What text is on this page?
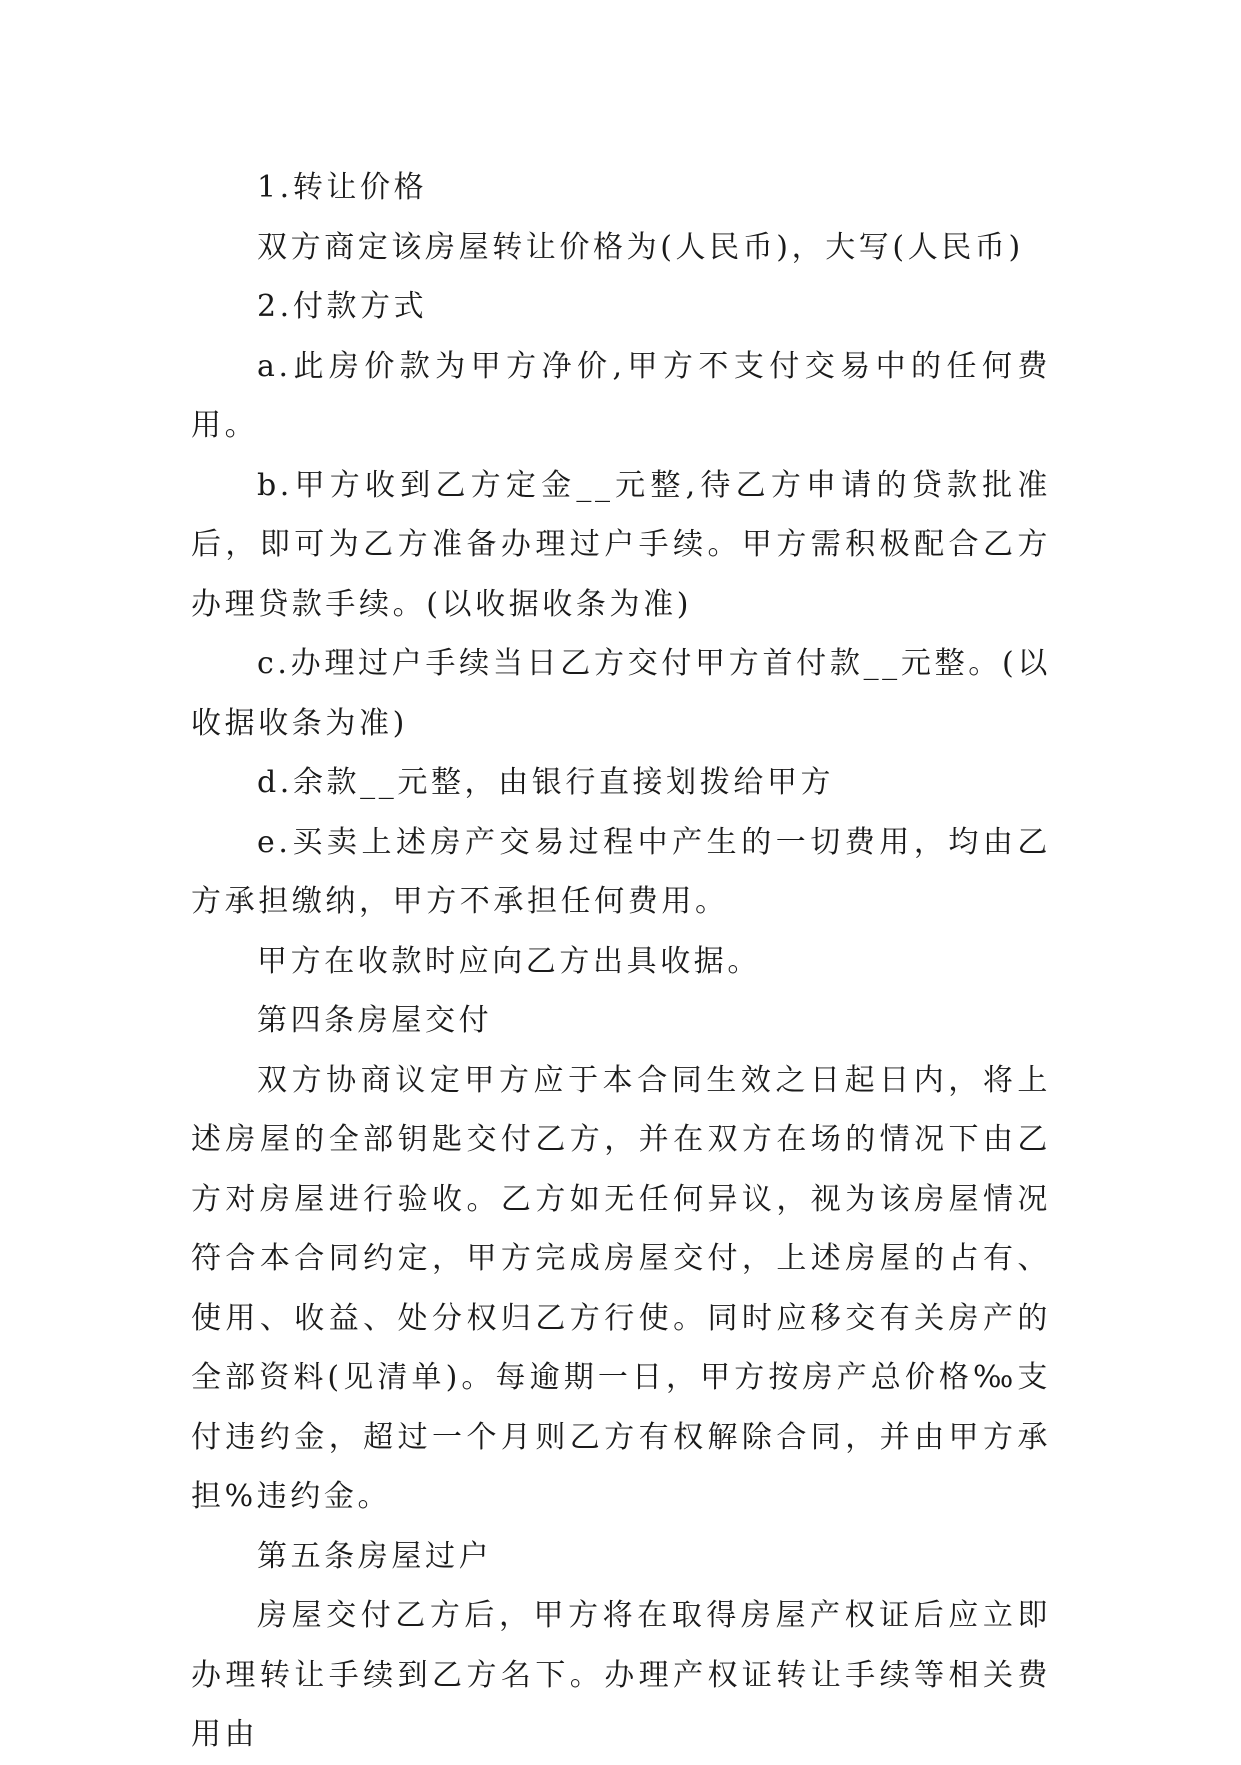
1.转让价格

双方商定该房屋转让价格为(人民币)，大写(人民币)

2.付款方式

a.此房价款为甲方净价,甲方不支付交易中的任何费用。

b.甲方收到乙方定金__元整,待乙方申请的贷款批准后，即可为乙方准备办理过户手续。甲方需积极配合乙方办理贷款手续。(以收据收条为准)

c.办理过户手续当日乙方交付甲方首付款__元整。(以收据收条为准)

d.余款__元整，由银行直接划拨给甲方

e.买卖上述房产交易过程中产生的一切费用，均由乙方承担缴纳，甲方不承担任何费用。

甲方在收款时应向乙方出具收据。

第四条房屋交付

双方协商议定甲方应于本合同生效之日起日内，将上述房屋的全部钥匙交付乙方，并在双方在场的情况下由乙方对房屋进行验收。乙方如无任何异议，视为该房屋情况符合本合同约定，甲方完成房屋交付，上述房屋的占有、使用、收益、处分权归乙方行使。同时应移交有关房产的全部资料(见清单)。每逾期一日，甲方按房产总价格‰支付违约金，超过一个月则乙方有权解除合同，并由甲方承担%违约金。

第五条房屋过户

房屋交付乙方后，甲方将在取得房屋产权证后应立即办理转让手续到乙方名下。办理产权证转让手续等相关费用由
